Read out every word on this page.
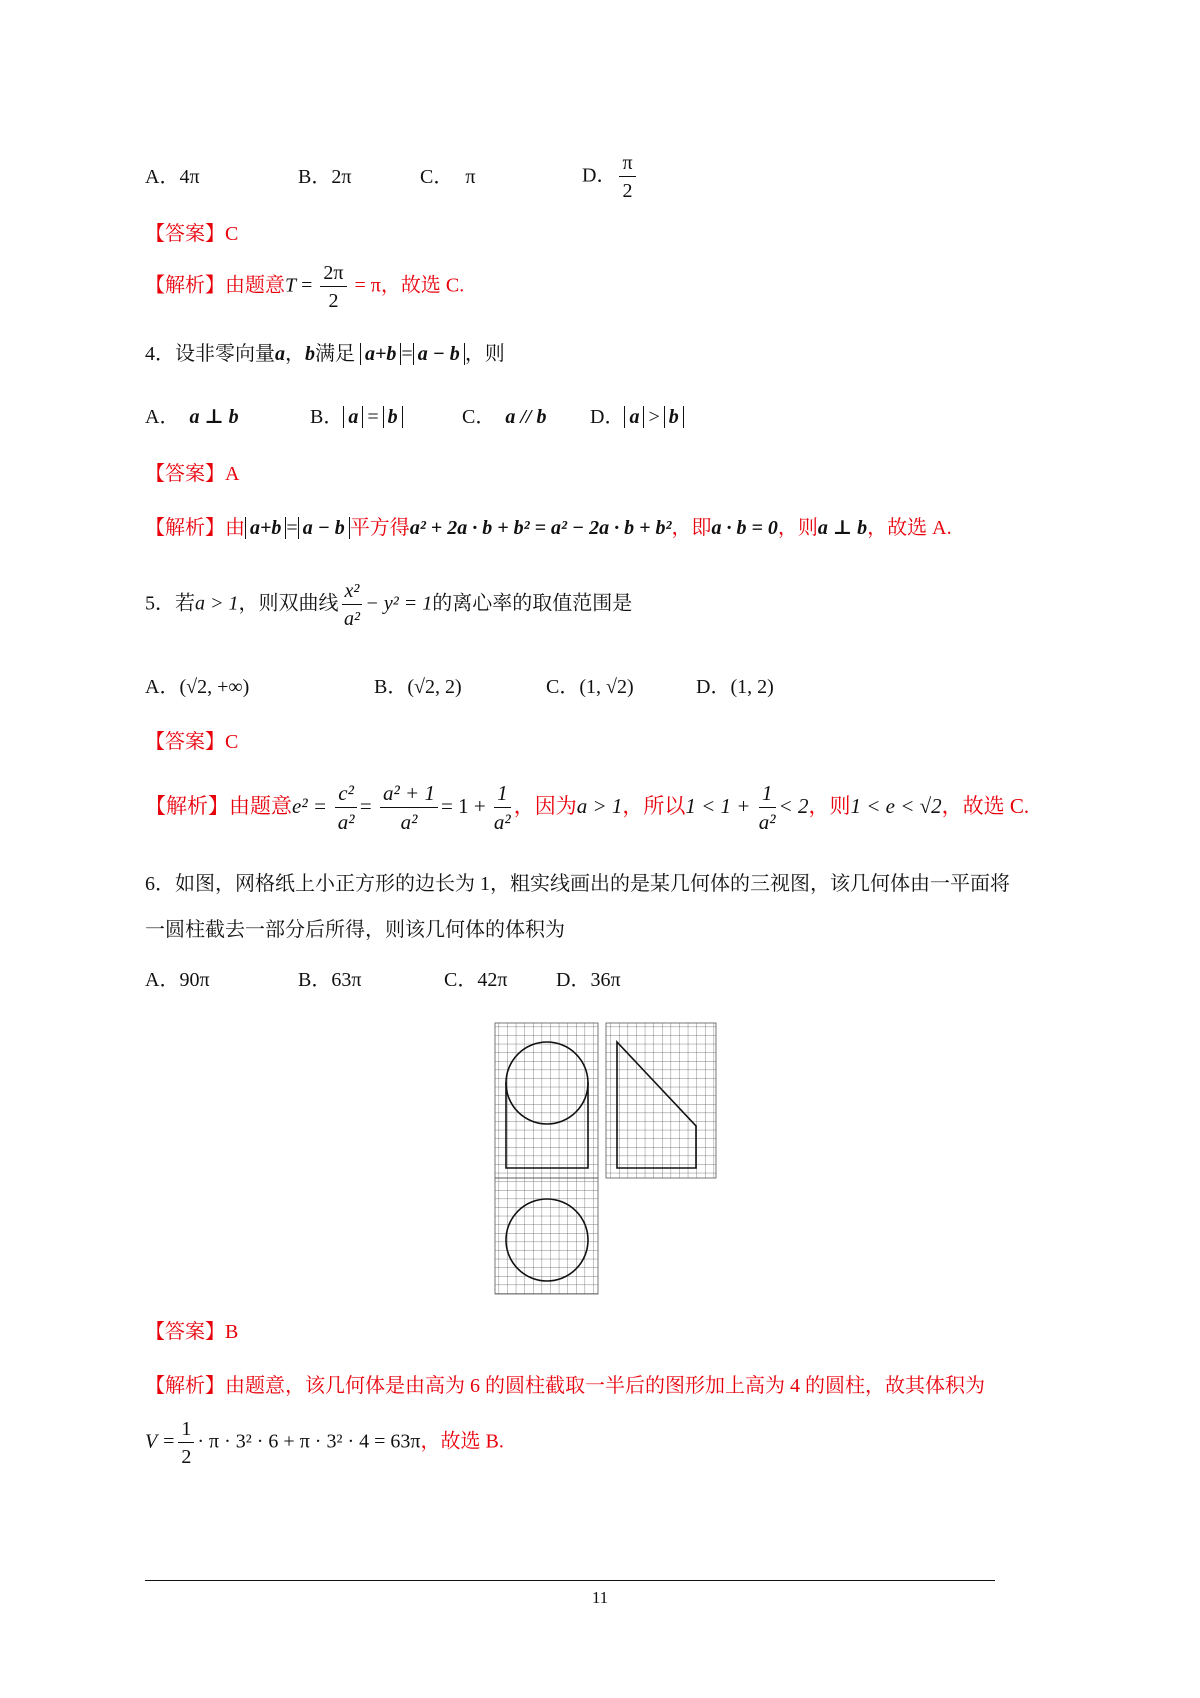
A．4π	B．2π	C． π	D． $\frac{\pi}{2}$
【答案】C
【解析】由题意$T = \frac{2\pi}{2} = \pi$，故选 C.
4．设非零向量a，b满足 a+b = a − b ，则
A． a ⊥ b	B． a = b	C． a // b D． a > b
【答案】A
【解析】由 a+b = a − b 平方得a² + 2a · b + b² = a² − 2a · b + b²，即a · b = 0，则a ⊥ b，故选 A.
5．若a > 1，则双曲线 $\frac{\text{x²}}{\text{a²}} - y^2 = 1$的离心率的取值范围是
A．(√2, +∞)	B．(√2, 2)	C．(1, √2)	D．(1, 2)
【答案】C
【解析】由题意$e^2 = \frac{\text{c²}}{\text{a²}} = \frac{\text{a² + 1}}{\text{a²}} = 1 + \frac{1}{\text{a²}}$ ，因为a > 1，所以$1 < 1 + \frac{1}{\text{a²}} < 2$，则1 < e < √2，故选 C.
6．如图，网格纸上小正方形的边长为 1，粗实线画出的是某几何体的三视图，该几何体由一平面将
一圆柱截去一部分后所得，则该几何体的体积为
A．90π	B．63π	C．42π D．36π
【答案】B
【解析】由题意，该几何体是由高为 6 的圆柱截取一半后的图形加上高为 4 的圆柱，故其体积为
$V = \frac{1}{2} \cdot \pi \cdot 3^2 \cdot 6 + \pi \cdot 3^2 \cdot 4 = 63\pi$，故选 B.
11
